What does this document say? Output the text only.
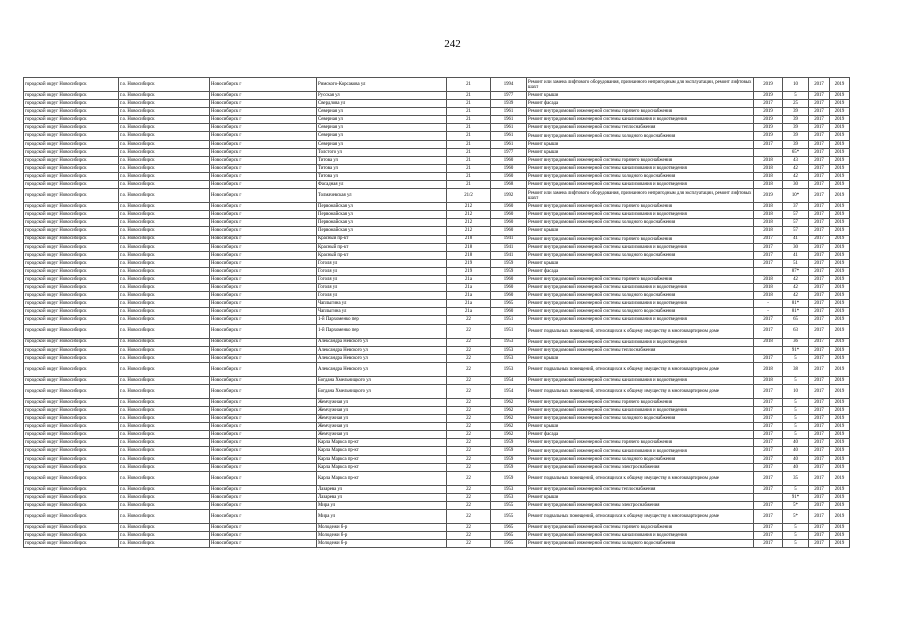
242
городской округ Новосибирск	г.о. Новосибирск	Новосибирск г	Римского-Корсакова ул	21	1994	Ремонт или замена лифтового оборудования, признанного непригодным для эксплуатации, ремонт лифтовых шахт	2019	10	2017	2019
городской округ Новосибирск	г.о. Новосибирск	Новосибирск г	Русская ул	21	1977	Ремонт крыши	2019	5	2017	2019
городской округ Новосибирск	г.о. Новосибирск	Новосибирск г	Свердлова ул	21	1939	Ремонт фасада	2017	25	2017	2019
городской округ Новосибирск	г.о. Новосибирск	Новосибирск г	Северная ул	21	1961	Ремонт внутридомовой инженерной системы горячего водоснабжения	2019	39	2017	2019
городской округ Новосибирск	г.о. Новосибирск	Новосибирск г	Северная ул	21	1961	Ремонт внутридомовой инженерной системы канализования и водоотведения	2019	39	2017	2019
городской округ Новосибирск	г.о. Новосибирск	Новосибирск г	Северная ул	21	1961	Ремонт внутридомовой инженерной системы теплоснабжения	2019	39	2017	2019
городской округ Новосибирск	г.о. Новосибирск	Новосибирск г	Северная ул	21	1961	Ремонт внутридомовой инженерной системы холодного водоснабжения	2019	39	2017	2019
городской округ Новосибирск	г.о. Новосибирск	Новосибирск г	Северная ул	21	1961	Ремонт крыши	2017	39	2017	2019
городской округ Новосибирск	г.о. Новосибирск	Новосибирск г	Толстого ул	21	1977	Ремонт крыши		65*	2017	2019
городской округ Новосибирск	г.о. Новосибирск	Новосибирск г	Титова ул	21	1960	Ремонт внутридомовой инженерной системы горячего водоснабжения	2018	43	2017	2019
городской округ Новосибирск	г.о. Новосибирск	Новосибирск г	Титова ул	21	1960	Ремонт внутридомовой инженерной системы канализования и водоотведения	2018	42	2017	2019
городской округ Новосибирск	г.о. Новосибирск	Новосибирск г	Титова ул	21	1960	Ремонт внутридомовой инженерной системы холодного водоснабжения	2018	42	2017	2019
городской округ Новосибирск	г.о. Новосибирск	Новосибирск г	Фасадная ул	21	1968	Ремонт внутридомовой инженерной системы канализования и водоотведения	2018	30	2017	2019
городской округ Новосибирск	г.о. Новосибирск	Новосибирск г	Толмачевская ул	21/2	1992	Ремонт или замена лифтового оборудования, признанного непригодным для эксплуатации, ремонт лифтовых шахт	2019	10*	2017	2019
городской округ Новосибирск	г.о. Новосибирск	Новосибирск г	Первомайская ул	212	1960	Ремонт внутридомовой инженерной системы горячего водоснабжения	2018	37	2017	2019
городской округ Новосибирск	г.о. Новосибирск	Новосибирск г	Первомайская ул	212	1960	Ремонт внутридомовой инженерной системы канализования и водоотведения	2018	57	2017	2019
городской округ Новосибирск	г.о. Новосибирск	Новосибирск г	Первомайская ул	212	1960	Ремонт внутридомовой инженерной системы холодного водоснабжения	2018	57	2017	2019
городской округ Новосибирск	г.о. Новосибирск	Новосибирск г	Первомайская ул	212	1960	Ремонт крыши	2018	57	2017	2019
городской округ Новосибирск	г.о. Новосибирск	Новосибирск г	Красный пр-кт	218	1941	Ремонт внутридомовой инженерной системы горячего водоснабжения	2017	41	2017	2019
городской округ Новосибирск	г.о. Новосибирск	Новосибирск г	Красный пр-кт	218	1941	Ремонт внутридомовой инженерной системы канализования и водоотведения	2017	30	2017	2019
городской округ Новосибирск	г.о. Новосибирск	Новосибирск г	Красный пр-кт	218	1941	Ремонт внутридомовой инженерной системы холодного водоснабжения	2017	41	2017	2019
городской округ Новосибирск	г.о. Новосибирск	Новосибирск г	Гоголя ул	219	1959	Ремонт крыши	2017	51	2017	2019
городской округ Новосибирск	г.о. Новосибирск	Новосибирск г	Гоголя ул	219	1959	Ремонт фасада		87*	2017	2019
городской округ Новосибирск	г.о. Новосибирск	Новосибирск г	Гоголя ул	21а	1960	Ремонт внутридомовой инженерной системы горячего водоснабжения	2018	42	2017	2019
городской округ Новосибирск	г.о. Новосибирск	Новосибирск г	Гоголя ул	21а	1960	Ремонт внутридомовой инженерной системы канализования и водоотведения	2018	42	2017	2019
городской округ Новосибирск	г.о. Новосибирск	Новосибирск г	Гоголя ул	21а	1960	Ремонт внутридомовой инженерной системы холодного водоснабжения	2018	42	2017	2019
городской округ Новосибирск	г.о. Новосибирск	Новосибирск г	Чаплыгина ул	21а	1965	Ремонт внутридомовой инженерной системы канализования и водоотведения	-	81*	2017	2019
городской округ Новосибирск	г.о. Новосибирск	Новосибирск г	Чаплыгина ул	21а	1960	Ремонт внутридомовой инженерной системы холодного водоснабжения	-	81*	2017	2019
городской округ Новосибирск	г.о. Новосибирск	Новосибирск г	1-й Пархоменко пер	22	1951	Ремонт внутридомовой инженерной системы канализования и водоотведения	2017	65	2017	2019
городской округ Новосибирск	г.о. Новосибирск	Новосибирск г	1-й Пархоменко пер	22	1951	Ремонт подвальных помещений, относящихся к общему имуществу в многоквартирном доме	2017	63	2017	2019
городской округ Новосибирск	г.о. Новосибирск	Новосибирск г	Александра Невского ул	22	1953	Ремонт внутридомовой инженерной системы канализования и водоотведения	2018	36	2017	2019
городской округ Новосибирск	г.о. Новосибирск	Новосибирск г	Александра Невского ул	22	1953	Ремонт внутридомовой инженерной системы теплоснабжения		91*	2017	2019
городской округ Новосибирск	г.о. Новосибирск	Новосибирск г	Александра Невского ул	22	1953	Ремонт крыши	2017	5	2017	2019
городской округ Новосибирск	г.о. Новосибирск	Новосибирск г	Александра Невского ул	22	1953	Ремонт подвальных помещений, относящихся к общему имуществу в многоквартирном доме	2018	38	2017	2019
городской округ Новосибирск	г.о. Новосибирск	Новосибирск г	Богдана Хмельницкого ул	22	1954	Ремонт внутридомовой инженерной системы канализования и водоотведения	2018	5	2017	2019
городской округ Новосибирск	г.о. Новосибирск	Новосибирск г	Богдана Хмельницкого ул	22	1954	Ремонт подвальных помещений, относящихся к общему имуществу в многоквартирном доме	2017	10	2017	2019
городской округ Новосибирск	г.о. Новосибирск	Новосибирск г	Жемчужная ул	22	1962	Ремонт внутридомовой инженерной системы горячего водоснабжения	2017	5	2017	2019
городской округ Новосибирск	г.о. Новосибирск	Новосибирск г	Жемчужная ул	22	1962	Ремонт внутридомовой инженерной системы канализования и водоотведения	2017	5	2017	2019
городской округ Новосибирск	г.о. Новосибирск	Новосибирск г	Жемчужная ул	22	1962	Ремонт внутридомовой инженерной системы холодного водоснабжения	2017	5	2017	2019
городской округ Новосибирск	г.о. Новосибирск	Новосибирск г	Жемчужная ул	22	1962	Ремонт крыши	2017	5	2017	2019
городской округ Новосибирск	г.о. Новосибирск	Новосибирск г	Жемчужная ул	22	1962	Ремонт фасада	2017	5	2017	2019
городской округ Новосибирск	г.о. Новосибирск	Новосибирск г	Карла Маркса пр-кт	22	1959	Ремонт внутридомовой инженерной системы горячего водоснабжения	2017	40	2017	2019
городской округ Новосибирск	г.о. Новосибирск	Новосибирск г	Карла Маркса пр-кт	22	1959	Ремонт внутридомовой инженерной системы канализования и водоотведения	2017	40	2017	2019
городской округ Новосибирск	г.о. Новосибирск	Новосибирск г	Карла Маркса пр-кт	22	1959	Ремонт внутридомовой инженерной системы холодного водоснабжения	2017	40	2017	2019
городской округ Новосибирск	г.о. Новосибирск	Новосибирск г	Карла Маркса пр-кт	22	1959	Ремонт внутридомовой инженерной системы электроснабжения	2017	40	2017	2019
городской округ Новосибирск	г.о. Новосибирск	Новосибирск г	Карла Маркса пр-кт	22	1959	Ремонт подвальных помещений, относящихся к общему имуществу в многоквартирном доме	2017	35	2017	2019
городской округ Новосибирск	г.о. Новосибирск	Новосибирск г	Лазарева ул	22	1953	Ремонт внутридомовой инженерной системы теплоснабжения	2017	5	2017	2019
городской округ Новосибирск	г.о. Новосибирск	Новосибирск г	Лазарева ул	22	1953	Ремонт крыши		91*	2017	2019
городской округ Новосибирск	г.о. Новосибирск	Новосибирск г	Мира ул	22	1955	Ремонт внутридомовой инженерной системы электроснабжения	2017	5*	2017	2019
городской округ Новосибирск	г.о. Новосибирск	Новосибирск г	Мира ул	22	1955	Ремонт подвальных помещений, относящихся к общему имуществу в многоквартирном доме	2017	5*	2017	2019
городской округ Новосибирск	г.о. Новосибирск	Новосибирск г	Молодежи б-р	22	1965	Ремонт внутридомовой инженерной системы горячего водоснабжения	2017	5	2017	2019
городской округ Новосибирск	г.о. Новосибирск	Новосибирск г	Молодежи б-р	22	1965	Ремонт внутридомовой инженерной системы канализования и водоотведения	2017	5	2017	2019
городской округ Новосибирск	г.о. Новосибирск	Новосибирск г	Молодежи б-р	22	1965	Ремонт внутридомовой инженерной системы холодного водоснабжения	2017	5	2017	2019
